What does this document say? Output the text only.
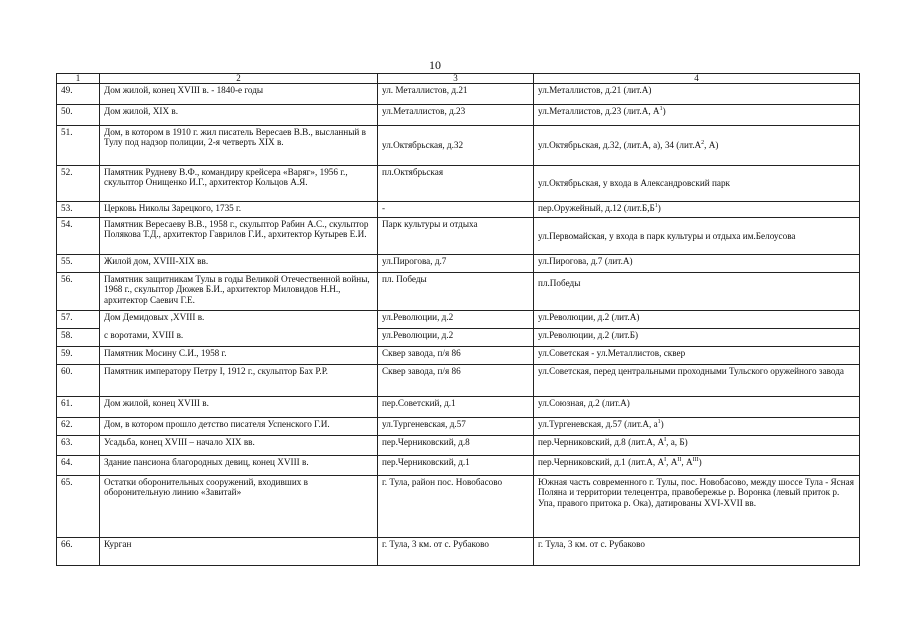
10
1	2	3	4
49.	Дом жилой, конец XVIII в. - 1840-е годы	ул. Металлистов, д.21	ул.Металлистов, д.21 (лит.А)
50.	Дом жилой, XIX в.	ул.Металлистов, д.23	ул.Металлистов, д.23 (лит.А, $А^1$)
51.	Дом, в котором в 1910 г. жил писатель Вересаев В.В., высланный в Тулу под надзор полиции, 2-я четверть XIX в.	ул.Октябрьская, д.32	ул.Октябрьская, д.32, (лит.А, а), 34 ($лит.А^2$, А)
52.	Памятник Рудневу В.Ф., командиру крейсера «Варяг», 1956 г., скульптор Онищенко И.Г., архитектор Кольцов А.Я.	пл.Октябрьская	ул.Октябрьская, у входа в Александровский парк
53.	Церковь Николы Зарецкого, 1735 г.	-	пер.Оружейный, д.12 $(лит.Б,Б^1)$
54.	Памятник Вересаеву В.В., 1958 г., скульптор Рабин А.С., скульптор Полякова Т.Д., архитектор Гаврилов Г.И., архитектор Кутырев Е.И.	Парк культуры и отдыха	ул.Первомайская, у входа в парк культуры и отдыха им.Белоусова
55.	Жилой дом, XVIII-XIX вв.	ул.Пирогова, д.7	ул.Пирогова, д.7 (лит.А)
56.	Памятник защитникам Тулы в годы Великой Отечественной войны, 1968 г., скульптор Дюжев Б.И., архитектор Миловидов Н.Н., архитектор Саевич Г.Е.	пл. Победы	пл.Победы
57.	Дом Демидовых ,XVIII в.	ул.Революции, д.2	ул.Революции, д.2 (лит.А)
58.	с воротами, XVIII в.	ул.Революции, д.2	ул.Революции, д.2 (лит.Б)
59.	Памятник Мосину С.И., 1958 г.	Сквер завода, п/я 86	ул.Советская - ул.Металлистов, сквер
60.	Памятник императору Петру I, 1912 г., скульптор Бах Р.Р.	Сквер завода, п/я 86	ул.Советская, перед центральными проходными Тульского оружейного завода
61.	Дом жилой, конец XVIII в.	пер.Советский, д.1	ул.Союзная, д.2 (лит.А)
62.	Дом, в котором прошло детство писателя Успенского Г.И.	ул.Тургеневская, д.57	ул.Тургеневская, д.57 (лит.А, $а^1$)
63.	Усадьба, конец XVIII – начало XIX вв.	пер.Черниковский, д.8	пер.Черниковский, д.8 (лит.А, $А^I$, а, Б)
64.	Здание пансиона благородных девиц, конец XVIII в.	пер.Черниковский, д.1	пер.Черниковский, д.1 (лит.А, $А^I$, $А^{II}$, $А^{III}$)
65.	Остатки оборонительных сооружений, входивших в оборонительную линию «Завитай»	г. Тула, район пос. Новобасово	Южная часть современного г. Тулы, пос. Новобасово, между шоссе Тула - Ясная Поляна и территории телецентра, правобережье р. Воронка (левый приток р. Упа, правого притока р. Ока), датированы XVI-XVII вв.
66.	Курган	г. Тула, 3 км. от с. Рубаково	г. Тула, 3 км. от с. Рубаково
